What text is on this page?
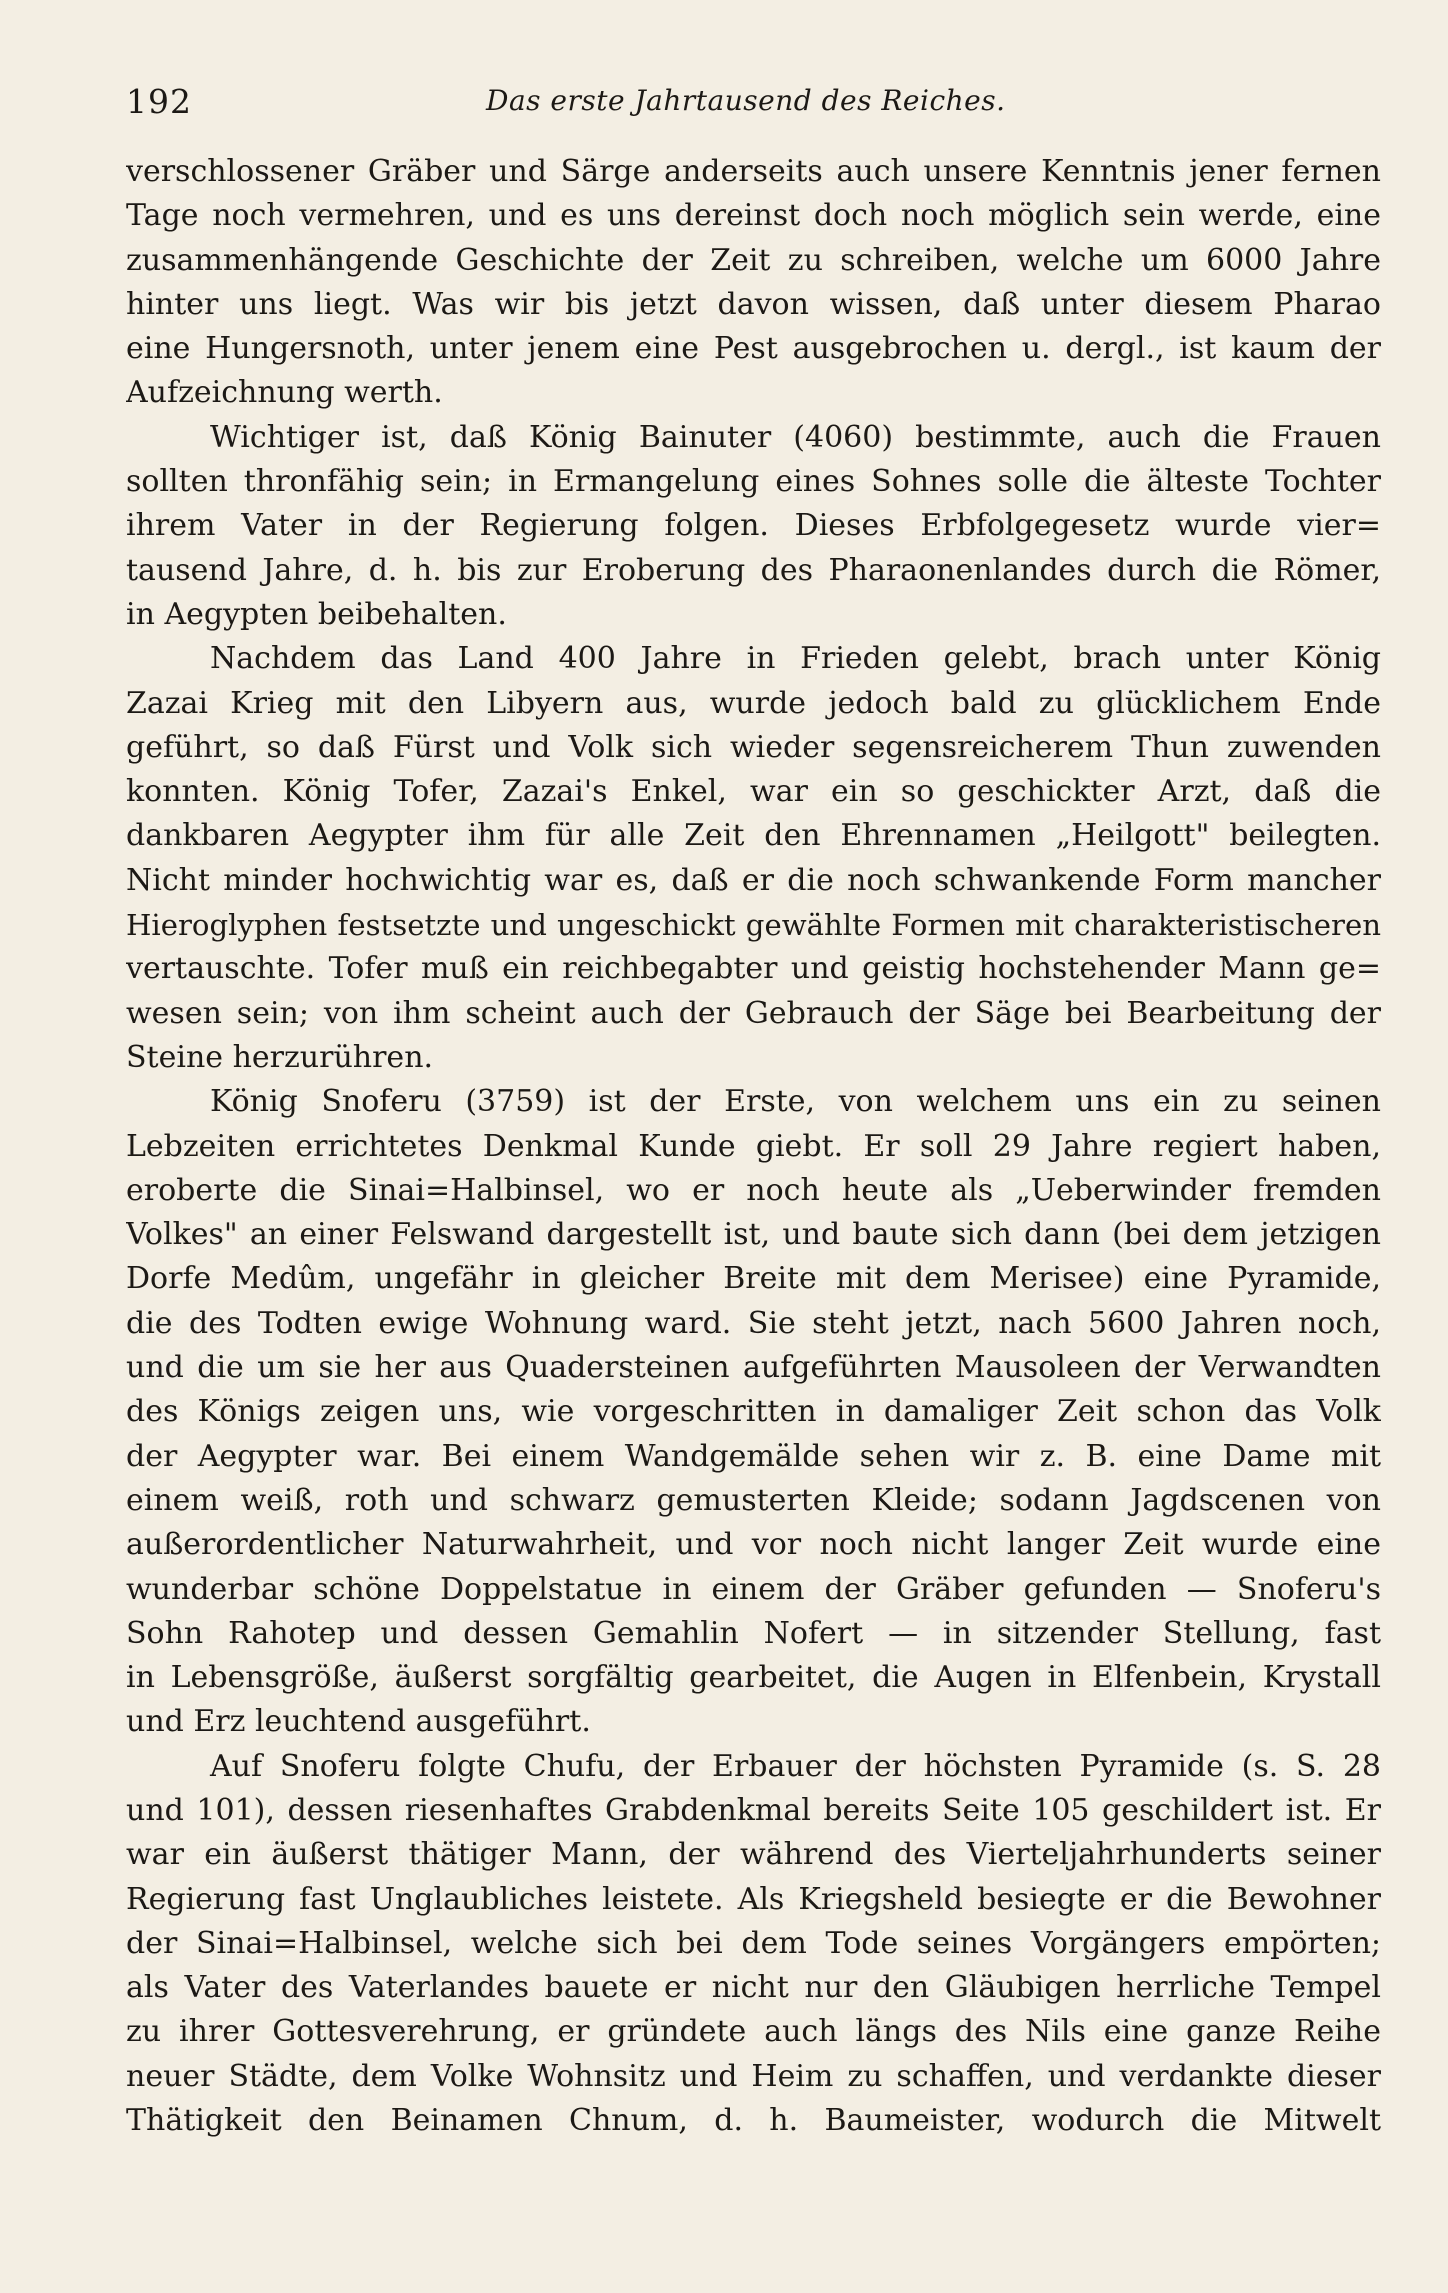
192	Das erste Jahrtausend des Reiches.
verschlossener Gräber und Särge anderseits auch unsere Kenntnis jener fernen
Tage noch vermehren, und es uns dereinst doch noch möglich sein werde, eine
zusammenhängende Geschichte der Zeit zu schreiben, welche um 6000 Jahre
hinter uns liegt. Was wir bis jetzt davon wissen, daß unter diesem Pharao
eine Hungersnoth, unter jenem eine Pest ausgebrochen u. dergl., ist kaum der
Aufzeichnung werth.
Wichtiger ist, daß König Bainuter (4060) bestimmte, auch die Frauen
sollten thronfähig sein; in Ermangelung eines Sohnes solle die älteste Tochter
ihrem Vater in der Regierung folgen. Dieses Erbfolgegesetz wurde vier=
tausend Jahre, d. h. bis zur Eroberung des Pharaonenlandes durch die Römer,
in Aegypten beibehalten.
Nachdem das Land 400 Jahre in Frieden gelebt, brach unter König
Zazai Krieg mit den Libyern aus, wurde jedoch bald zu glücklichem Ende
geführt, so daß Fürst und Volk sich wieder segensreicherem Thun zuwenden
konnten. König Tofer, Zazai's Enkel, war ein so geschickter Arzt, daß die
dankbaren Aegypter ihm für alle Zeit den Ehrennamen „Heilgott" beilegten.
Nicht minder hochwichtig war es, daß er die noch schwankende Form mancher
Hieroglyphen festsetzte und ungeschickt gewählte Formen mit charakteristischeren
vertauschte. Tofer muß ein reichbegabter und geistig hochstehender Mann ge=
wesen sein; von ihm scheint auch der Gebrauch der Säge bei Bearbeitung der
Steine herzurühren.
König Snoferu (3759) ist der Erste, von welchem uns ein zu seinen
Lebzeiten errichtetes Denkmal Kunde giebt. Er soll 29 Jahre regiert haben,
eroberte die Sinai=Halbinsel, wo er noch heute als „Ueberwinder fremden
Volkes" an einer Felswand dargestellt ist, und baute sich dann (bei dem jetzigen
Dorfe Medûm, ungefähr in gleicher Breite mit dem Merisee) eine Pyramide,
die des Todten ewige Wohnung ward. Sie steht jetzt, nach 5600 Jahren noch,
und die um sie her aus Quadersteinen aufgeführten Mausoleen der Verwandten
des Königs zeigen uns, wie vorgeschritten in damaliger Zeit schon das Volk
der Aegypter war. Bei einem Wandgemälde sehen wir z. B. eine Dame mit
einem weiß, roth und schwarz gemusterten Kleide; sodann Jagdscenen von
außerordentlicher Naturwahrheit, und vor noch nicht langer Zeit wurde eine
wunderbar schöne Doppelstatue in einem der Gräber gefunden — Snoferu's
Sohn Rahotep und dessen Gemahlin Nofert — in sitzender Stellung, fast
in Lebensgröße, äußerst sorgfältig gearbeitet, die Augen in Elfenbein, Krystall
und Erz leuchtend ausgeführt.
Auf Snoferu folgte Chufu, der Erbauer der höchsten Pyramide (s. S. 28
und 101), dessen riesenhaftes Grabdenkmal bereits Seite 105 geschildert ist. Er
war ein äußerst thätiger Mann, der während des Vierteljahrhunderts seiner
Regierung fast Unglaubliches leistete. Als Kriegsheld besiegte er die Bewohner
der Sinai=Halbinsel, welche sich bei dem Tode seines Vorgängers empörten;
als Vater des Vaterlandes bauete er nicht nur den Gläubigen herrliche Tempel
zu ihrer Gottesverehrung, er gründete auch längs des Nils eine ganze Reihe
neuer Städte, dem Volke Wohnsitz und Heim zu schaffen, und verdankte dieser
Thätigkeit den Beinamen Chnum, d. h. Baumeister, wodurch die Mitwelt
